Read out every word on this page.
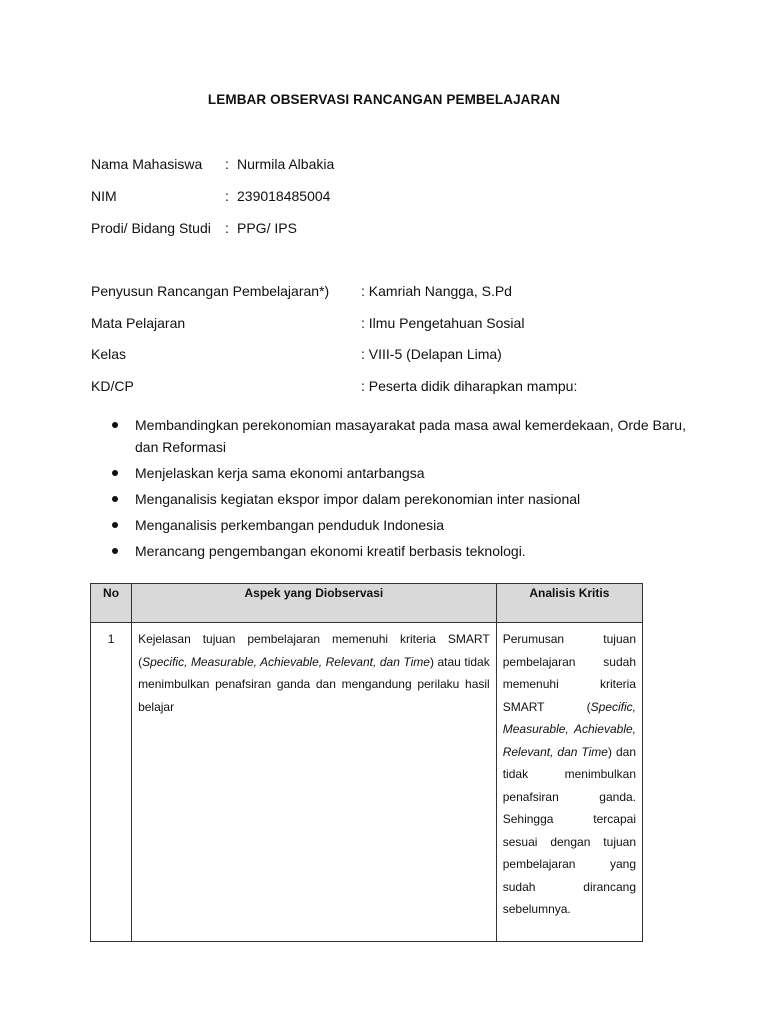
LEMBAR OBSERVASI RANCANGAN PEMBELAJARAN
Nama Mahasiswa : Nurmila Albakia
NIM	: 239018485004
Prodi/ Bidang Studi : PPG/ IPS
Penyusun Rancangan Pembelajaran*) : Kamriah Nangga, S.Pd
Mata Pelajaran	: Ilmu Pengetahuan Sosial
Kelas	: VIII-5 (Delapan Lima)
KD/CP	: Peserta didik diharapkan mampu:
Membandingkan perekonomian masayarakat pada masa awal kemerdekaan, Orde Baru, dan Reformasi
Menjelaskan kerja sama ekonomi antarbangsa
Menganalisis kegiatan ekspor impor dalam perekonomian inter nasional
Menganalisis perkembangan penduduk Indonesia
Merancang pengembangan ekonomi kreatif berbasis teknologi.
No	Aspek yang Diobservasi	Analisis Kritis
1	Kejelasan tujuan pembelajaran memenuhi kriteria SMART (Specific, Measurable, Achievable, Relevant, dan Time) atau tidak menimbulkan penafsiran ganda dan mengandung perilaku hasil belajar	Perumusan tujuan pembelajaran sudah memenuhi kriteria SMART (Specific, Measurable, Achievable, Relevant, dan Time) dan tidak menimbulkan penafsiran ganda. Sehingga tercapai sesuai dengan tujuan pembelajaran yang sudah dirancang sebelumnya.
